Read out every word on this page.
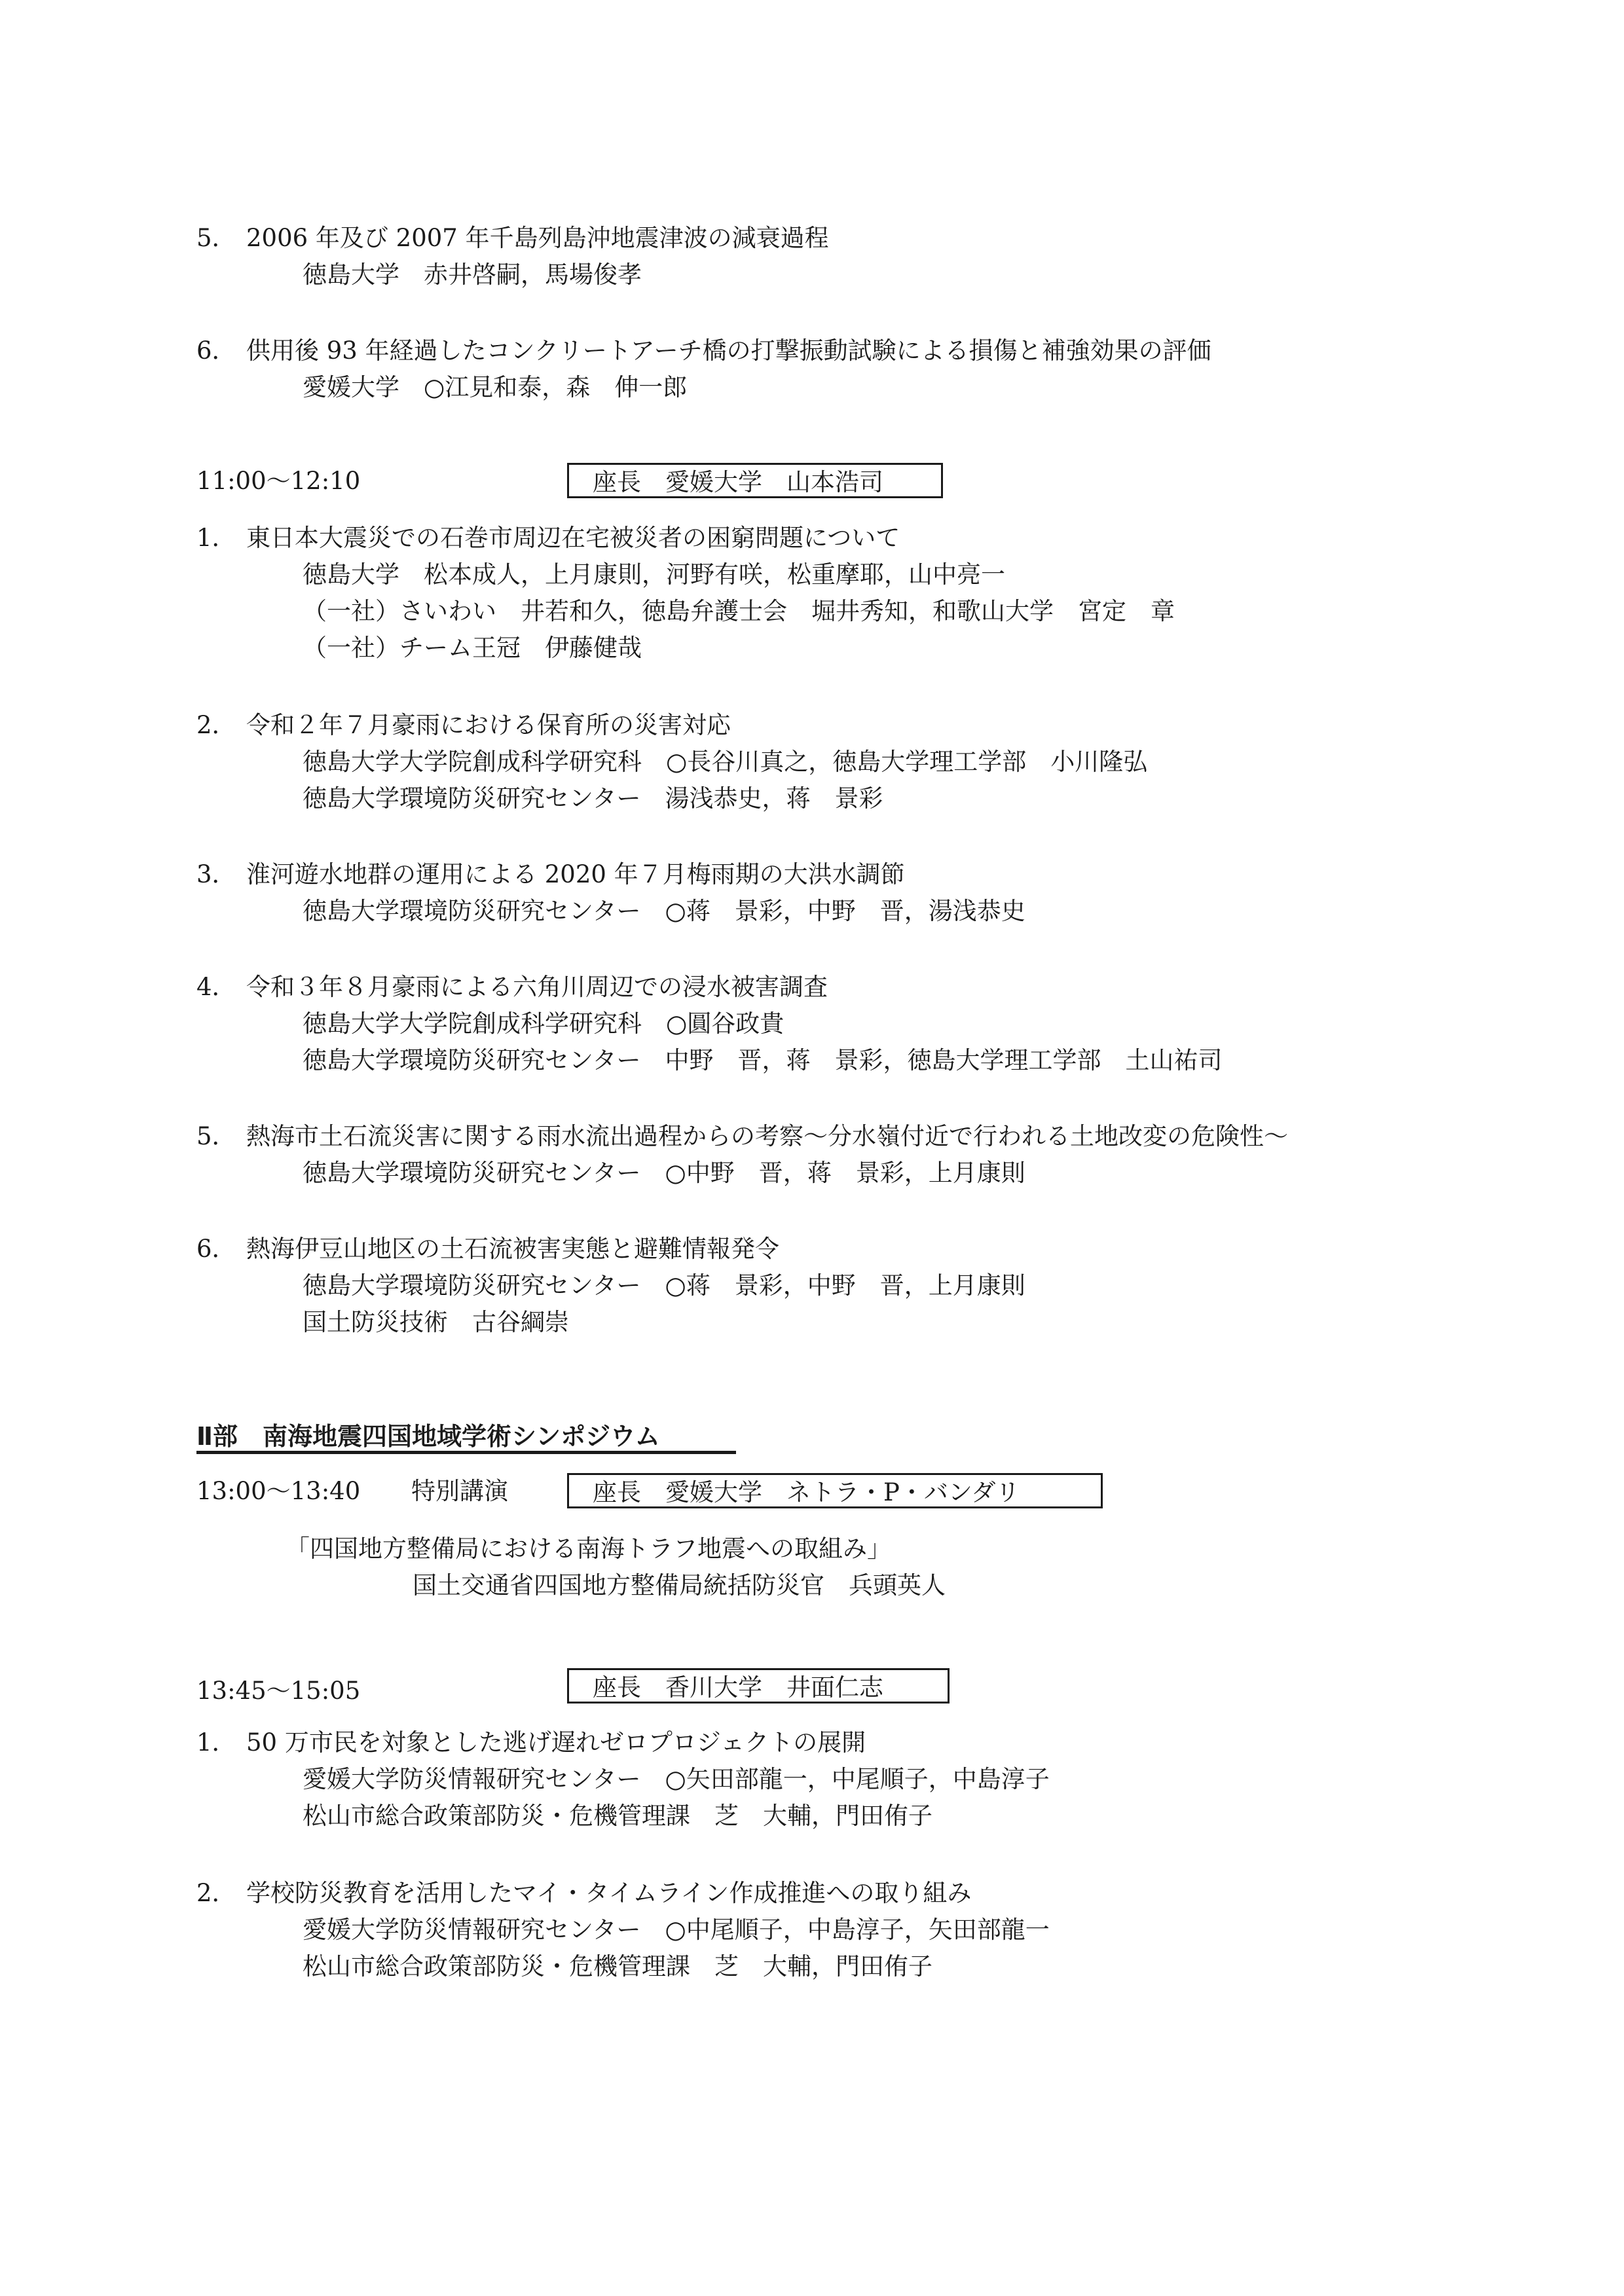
5． 2006 年及び 2007 年千島列島沖地震津波の減衰過程
徳島大学　赤井啓嗣，馬場俊孝
6． 供用後 93 年経過したコンクリートアーチ橋の打撃振動試験による損傷と補強効果の評価
愛媛大学　○江見和泰，森　伸一郎
11:00～12:10	座長　愛媛大学　山本浩司
1． 東日本大震災での石巻市周辺在宅被災者の困窮問題について
徳島大学　松本成人，上月康則，河野有咲，松重摩耶，山中亮一
（一社）さいわい　井若和久，徳島弁護士会　堀井秀知，和歌山大学　宮定　章
（一社）チーム王冠　伊藤健哉
2． 令和２年７月豪雨における保育所の災害対応
徳島大学大学院創成科学研究科　○長谷川真之，徳島大学理工学部　小川隆弘
徳島大学環境防災研究センター　湯浅恭史，蒋　景彩
3． 淮河遊水地群の運用による 2020 年７月梅雨期の大洪水調節
徳島大学環境防災研究センター　○蒋　景彩，中野　晋，湯浅恭史
4． 令和３年８月豪雨による六角川周辺での浸水被害調査
徳島大学大学院創成科学研究科　○圓谷政貴
徳島大学環境防災研究センター　中野　晋，蒋　景彩，徳島大学理工学部　土山祐司
5． 熱海市土石流災害に関する雨水流出過程からの考察～分水嶺付近で行われる土地改変の危険性～
徳島大学環境防災研究センター　○中野　晋，蒋　景彩，上月康則
6． 熱海伊豆山地区の土石流被害実態と避難情報発令
徳島大学環境防災研究センター　○蒋　景彩，中野　晋，上月康則
国土防災技術　古谷綱崇
Ⅱ部　南海地震四国地域学術シンポジウム
13:00～13:40 特別講演	座長　愛媛大学　ネトラ・P・バンダリ
「四国地方整備局における南海トラフ地震への取組み」
国土交通省四国地方整備局統括防災官　兵頭英人
13:45～15:05	座長　香川大学　井面仁志
1． 50 万市民を対象とした逃げ遅れゼロプロジェクトの展開
愛媛大学防災情報研究センター　○矢田部龍一，中尾順子，中島淳子
松山市総合政策部防災・危機管理課　芝　大輔，門田侑子
2． 学校防災教育を活用したマイ・タイムライン作成推進への取り組み
愛媛大学防災情報研究センター　○中尾順子，中島淳子，矢田部龍一
松山市総合政策部防災・危機管理課　芝　大輔，門田侑子
